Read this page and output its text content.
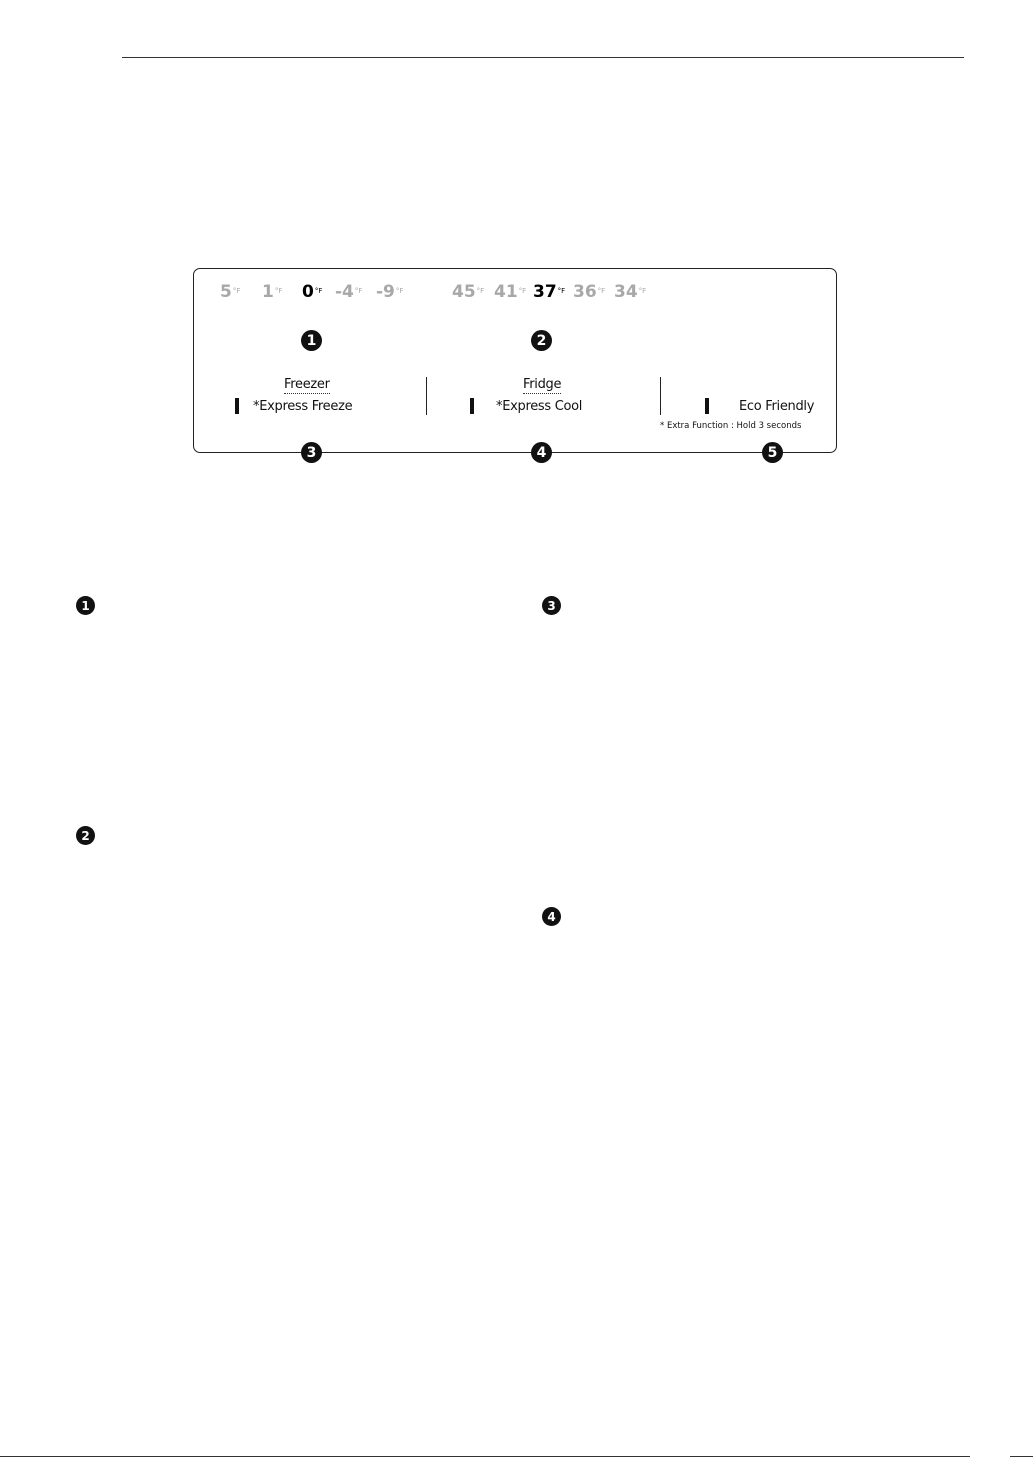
$5^{^\circ F}$ $1^{^\circ F}$ $0^{^\circ F}$ $-4^{^\circ F}$ $-9^{^\circ F}$	$45^{^\circ F}$ $41^{^\circ F}$ $37^{^\circ F}$ $36^{^\circ F}$ $34^{^\circ F}$
1	2
Freezer
*Express Freeze
Fridge
*Express Cool	Eco Friendly
* Extra Function : Hold 3 seconds
3	4	5
1
2
3
4
